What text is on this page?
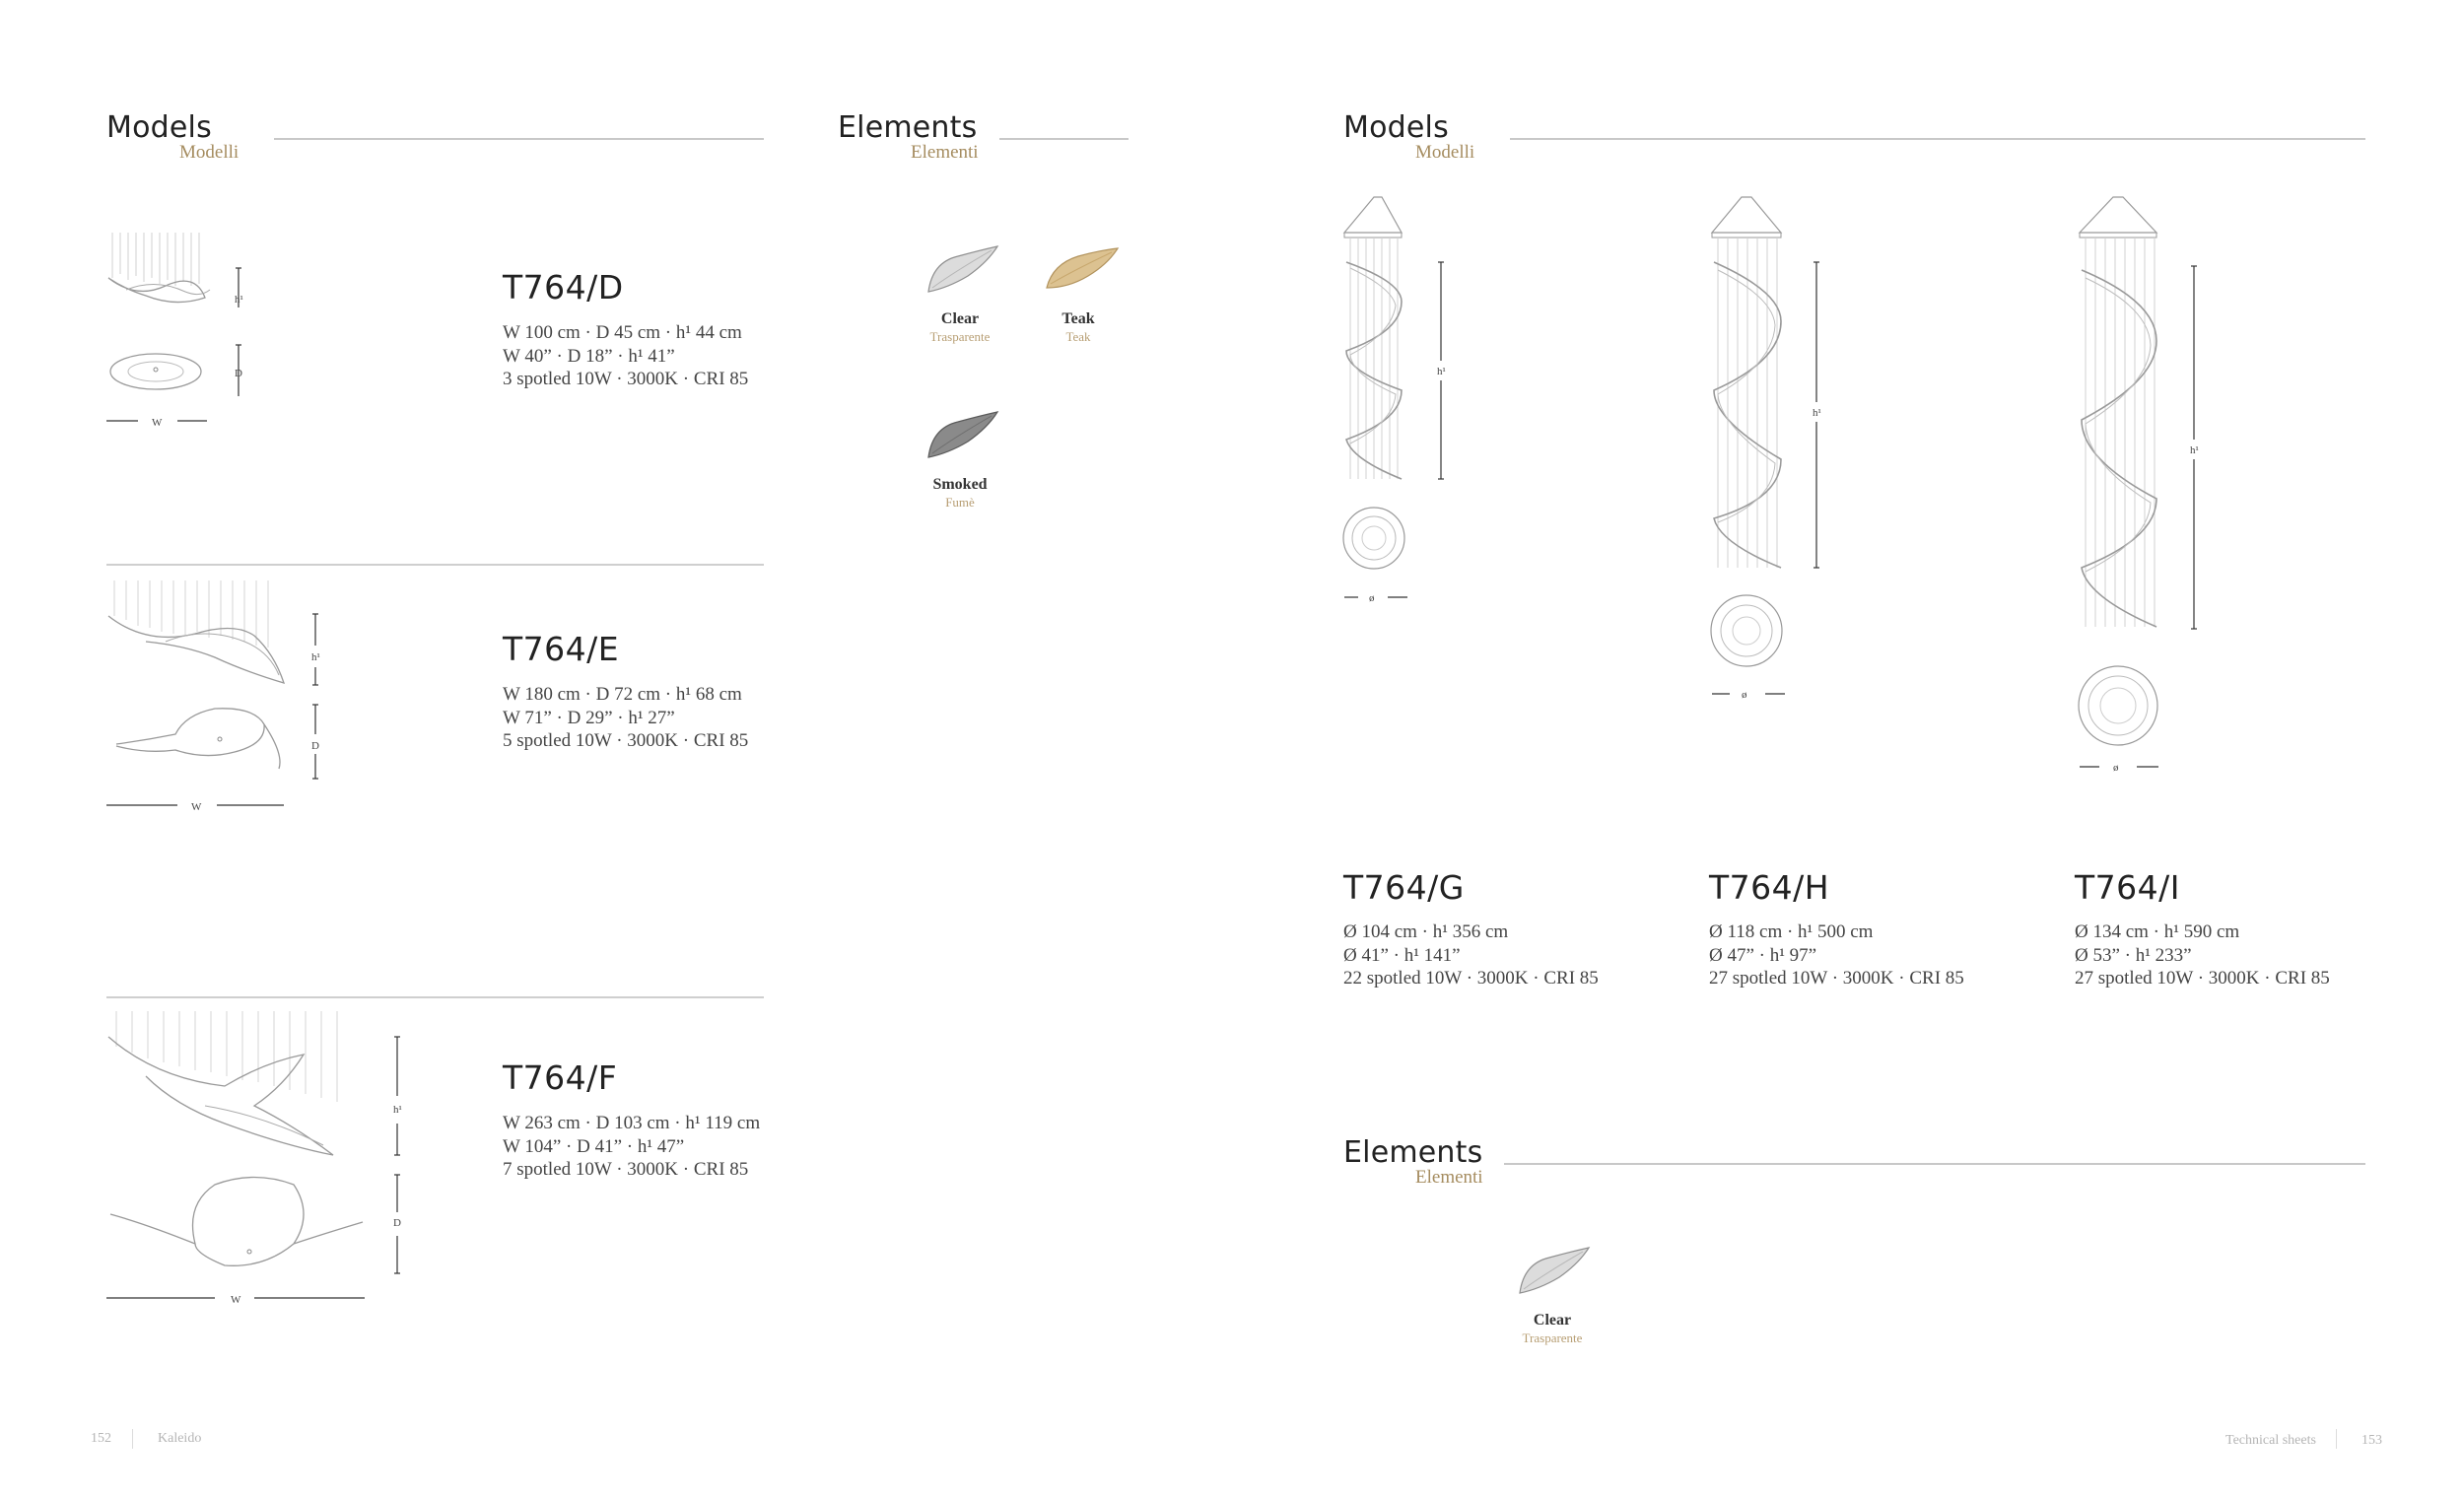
Models
Modelli
Elements
Elementi
h¹
D
W
T764/D
W 100 cm · D 45 cm · h¹ 44 cm
W 40” · D 18” · h¹ 41”
3 spotled 10W · 3000K · CRI 85
h¹
D
W
T764/E
W 180 cm · D 72 cm · h¹ 68 cm
W 71” · D 29” · h¹ 27”
5 spotled 10W · 3000K · CRI 85
h¹
D
W
T764/F
W 263 cm · D 103 cm · h¹ 119 cm
W 104” · D 41” · h¹ 47”
7 spotled 10W · 3000K · CRI 85
Clear
Trasparente
Teak
Teak
Smoked
Fumè
152	Kaleido
Models
Modelli
h¹
ø
h¹
ø
h¹
ø
T764/G
Ø 104 cm · h¹ 356 cm
Ø 41” · h¹ 141”
22 spotled 10W · 3000K · CRI 85
T764/H
Ø 118 cm · h¹ 500 cm
Ø 47” · h¹ 97”
27 spotled 10W · 3000K · CRI 85
T764/I
Ø 134 cm · h¹ 590 cm
Ø 53” · h¹ 233”
27 spotled 10W · 3000K · CRI 85
Elements
Elementi
Clear
Trasparente
Technical sheets	153
